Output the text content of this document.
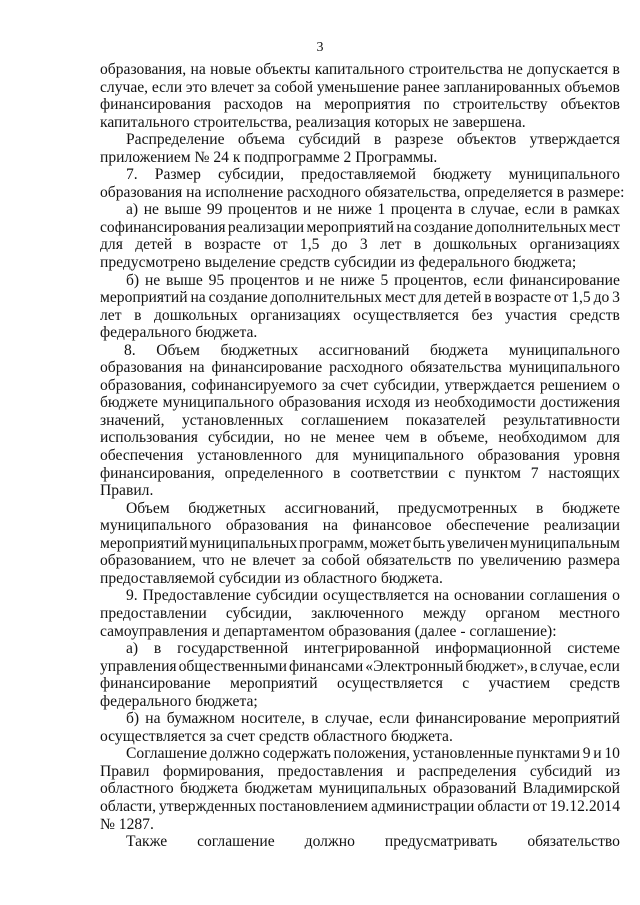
3
образования, на новые объекты капитального строительства не допускается в
случае, если это влечет за собой уменьшение ранее запланированных объемов
финансирования расходов на мероприятия по строительству объектов
капитального строительства, реализация которых не завершена.
Распределение объема субсидий в разрезе объектов утверждается
приложением № 24 к подпрограмме 2 Программы.
7. Размер субсидии, предоставляемой бюджету муниципального
образования на исполнение расходного обязательства, определяется в размере:
а) не выше 99 процентов и не ниже 1 процента в случае, если в рамках
софинансирования реализации мероприятий на создание дополнительных мест
для детей в возрасте от 1,5 до 3 лет в дошкольных организациях
предусмотрено выделение средств субсидии из федерального бюджета;
б) не выше 95 процентов и не ниже 5 процентов, если финансирование
мероприятий на создание дополнительных мест для детей в возрасте от 1,5 до 3
лет в дошкольных организациях осуществляется без участия средств
федерального бюджета.
8. Объем бюджетных ассигнований бюджета муниципального
образования на финансирование расходного обязательства муниципального
образования, софинансируемого за счет субсидии, утверждается решением о
бюджете муниципального образования исходя из необходимости достижения
значений, установленных соглашением показателей результативности
использования субсидии, но не менее чем в объеме, необходимом для
обеспечения установленного для муниципального образования уровня
финансирования, определенного в соответствии с пунктом 7 настоящих
Правил.
Объем бюджетных ассигнований, предусмотренных в бюджете
муниципального образования на финансовое обеспечение реализации
мероприятий муниципальных программ, может быть увеличен муниципальным
образованием, что не влечет за собой обязательств по увеличению размера
предоставляемой субсидии из областного бюджета.
9. Предоставление субсидии осуществляется на основании соглашения о
предоставлении субсидии, заключенного между органом местного
самоуправления и департаментом образования (далее - соглашение):
а) в государственной интегрированной информационной системе
управления общественными финансами «Электронный бюджет», в случае, если
финансирование мероприятий осуществляется с участием средств
федерального бюджета;
б) на бумажном носителе, в случае, если финансирование мероприятий
осуществляется за счет средств областного бюджета.
Соглашение должно содержать положения, установленные пунктами 9 и 10
Правил формирования, предоставления и распределения субсидий из
областного бюджета бюджетам муниципальных образований Владимирской
области, утвержденных постановлением администрации области от 19.12.2014
№ 1287.
Также соглашение должно предусматривать обязательство
